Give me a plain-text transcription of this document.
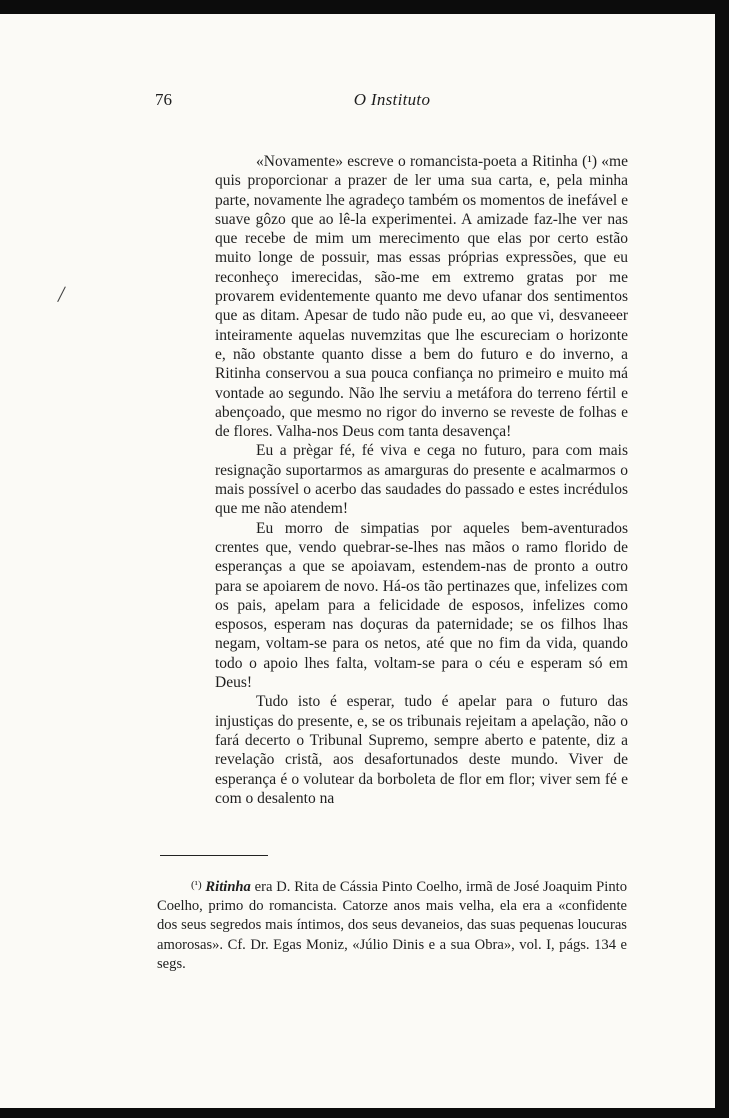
76	O Instituto
/

«Novamente» escreve o romancista-poeta a Ritinha (¹) «me quis proporcionar a prazer de ler uma sua carta, e, pela minha parte, novamente lhe agradeço também os momentos de inefável e suave gôzo que ao lê-la experimentei. A amizade faz-lhe ver nas que recebe de mim um merecimento que elas por certo estão muito longe de possuir, mas essas próprias expressões, que eu reconheço imerecidas, são-me em extremo gratas por me provarem evidentemente quanto me devo ufanar dos sentimentos que as ditam. Apesar de tudo não pude eu, ao que vi, desvaneeer inteiramente aquelas nuvemzitas que lhe escureciam o horizonte e, não obstante quanto disse a bem do futuro e do inverno, a Ritinha conservou a sua pouca confiança no primeiro e muito má vontade ao segundo. Não lhe serviu a metáfora do terreno fértil e abençoado, que mesmo no rigor do inverno se reveste de folhas e de flores. Valha-nos Deus com tanta desavença!

Eu a prègar fé, fé viva e cega no futuro, para com mais resignação suportarmos as amarguras do presente e acalmarmos o mais possível o acerbo das saudades do passado e estes incrédulos que me não atendem!

Eu morro de simpatias por aqueles bem-aventurados crentes que, vendo quebrar-se-lhes nas mãos o ramo florido de esperanças a que se apoiavam, estendem-nas de pronto a outro para se apoiarem de novo. Há-os tão pertinazes que, infelizes com os pais, apelam para a felicidade de esposos, infelizes como esposos, esperam nas doçuras da paternidade; se os filhos lhas negam, voltam-se para os netos, até que no fim da vida, quando todo o apoio lhes falta, voltam-se para o céu e esperam só em Deus!

Tudo isto é esperar, tudo é apelar para o futuro das injustiças do presente, e, se os tribunais rejeitam a apelação, não o fará decerto o Tribunal Supremo, sempre aberto e patente, diz a revelação cristã, aos desafortunados deste mundo. Viver de esperança é o volutear da borboleta de flor em flor; viver sem fé e com o desalento na

$^{(^1)}$ Ritinha era D. Rita de Cássia Pinto Coelho, irmã de José Joaquim Pinto Coelho, primo do romancista. Catorze anos mais velha, ela era a «confidente dos seus segredos mais íntimos, dos seus devaneios, das suas pequenas loucuras amorosas». Cf. Dr. Egas Moniz, «Júlio Dinis e a sua Obra», vol. I, págs. 134 e segs.
